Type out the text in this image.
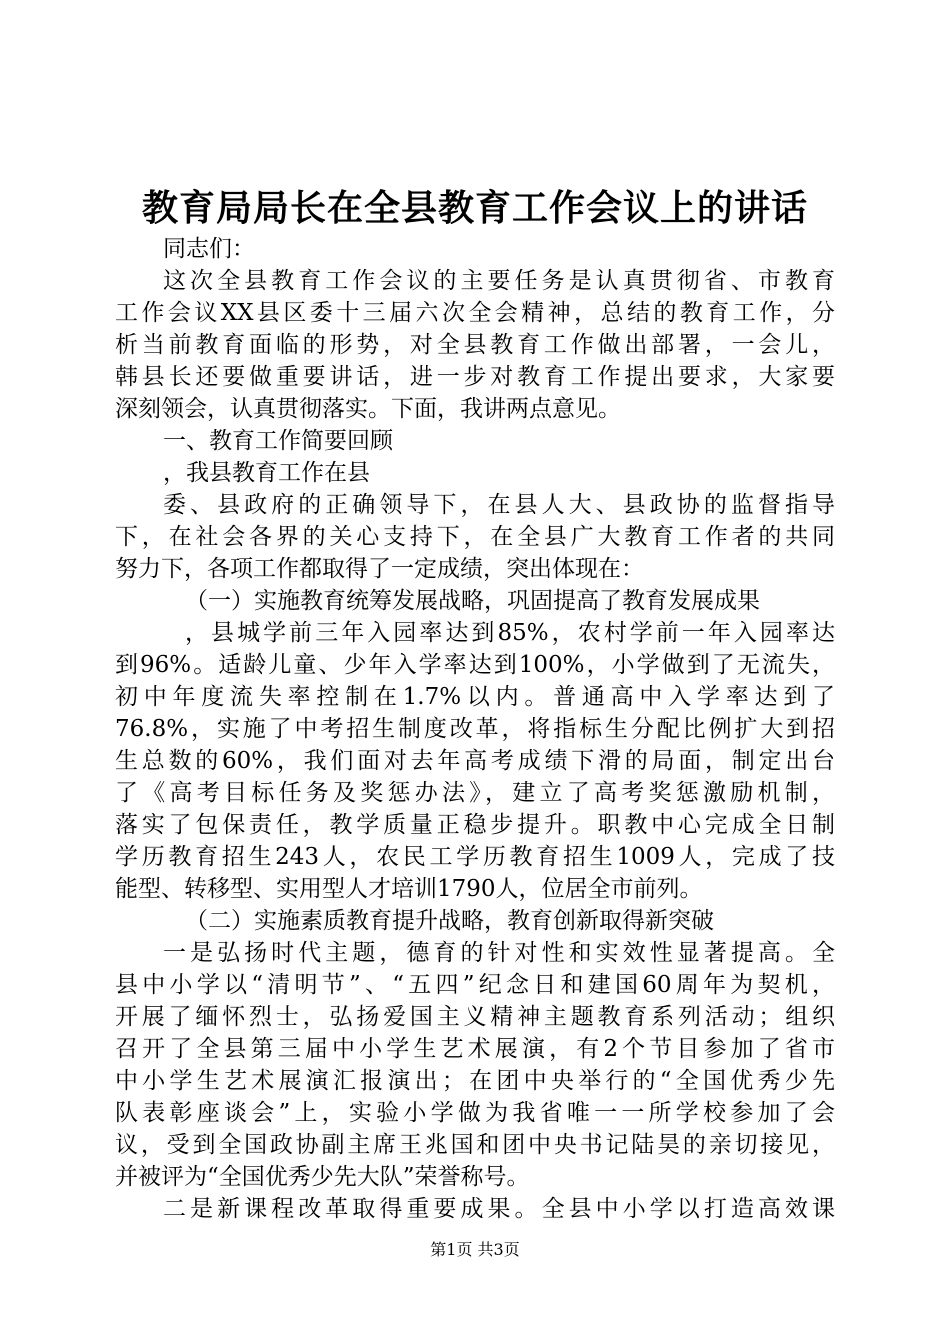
教育局局长在全县教育工作会议上的讲话
同志们：
这次全县教育工作会议的主要任务是认真贯彻省、市教育
工作会议XX县区委十三届六次全会精神，总结的教育工作，分
析当前教育面临的形势，对全县教育工作做出部署，一会儿，
韩县长还要做重要讲话，进一步对教育工作提出要求，大家要
深刻领会，认真贯彻落实。下面，我讲两点意见。
一、教育工作简要回顾
，我县教育工作在县
委、县政府的正确领导下，在县人大、县政协的监督指导
下，在社会各界的关心支持下，在全县广大教育工作者的共同
努力下，各项工作都取得了一定成绩，突出体现在：
（一）实施教育统筹发展战略，巩固提高了教育发展成果
，县城学前三年入园率达到85%，农村学前一年入园率达
到96%。适龄儿童、少年入学率达到100%，小学做到了无流失，
初中年度流失率控制在1.7%以内。普通高中入学率达到了
76.8%，实施了中考招生制度改革，将指标生分配比例扩大到招
生总数的60%，我们面对去年高考成绩下滑的局面，制定出台
了《高考目标任务及奖惩办法》，建立了高考奖惩激励机制，
落实了包保责任，教学质量正稳步提升。职教中心完成全日制
学历教育招生243人，农民工学历教育招生1009人，完成了技
能型、转移型、实用型人才培训1790人，位居全市前列。
（二）实施素质教育提升战略，教育创新取得新突破
一是弘扬时代主题，德育的针对性和实效性显著提高。全
县中小学以“清明节”、“五四”纪念日和建国60周年为契机，
开展了缅怀烈士，弘扬爱国主义精神主题教育系列活动；组织
召开了全县第三届中小学生艺术展演，有2个节目参加了省市
中小学生艺术展演汇报演出；在团中央举行的“全国优秀少先
队表彰座谈会”上，实验小学做为我省唯一一所学校参加了会
议，受到全国政协副主席王兆国和团中央书记陆昊的亲切接见，
并被评为“全国优秀少先大队”荣誉称号。
二是新课程改革取得重要成果。全县中小学以打造高效课
第1页 共3页
